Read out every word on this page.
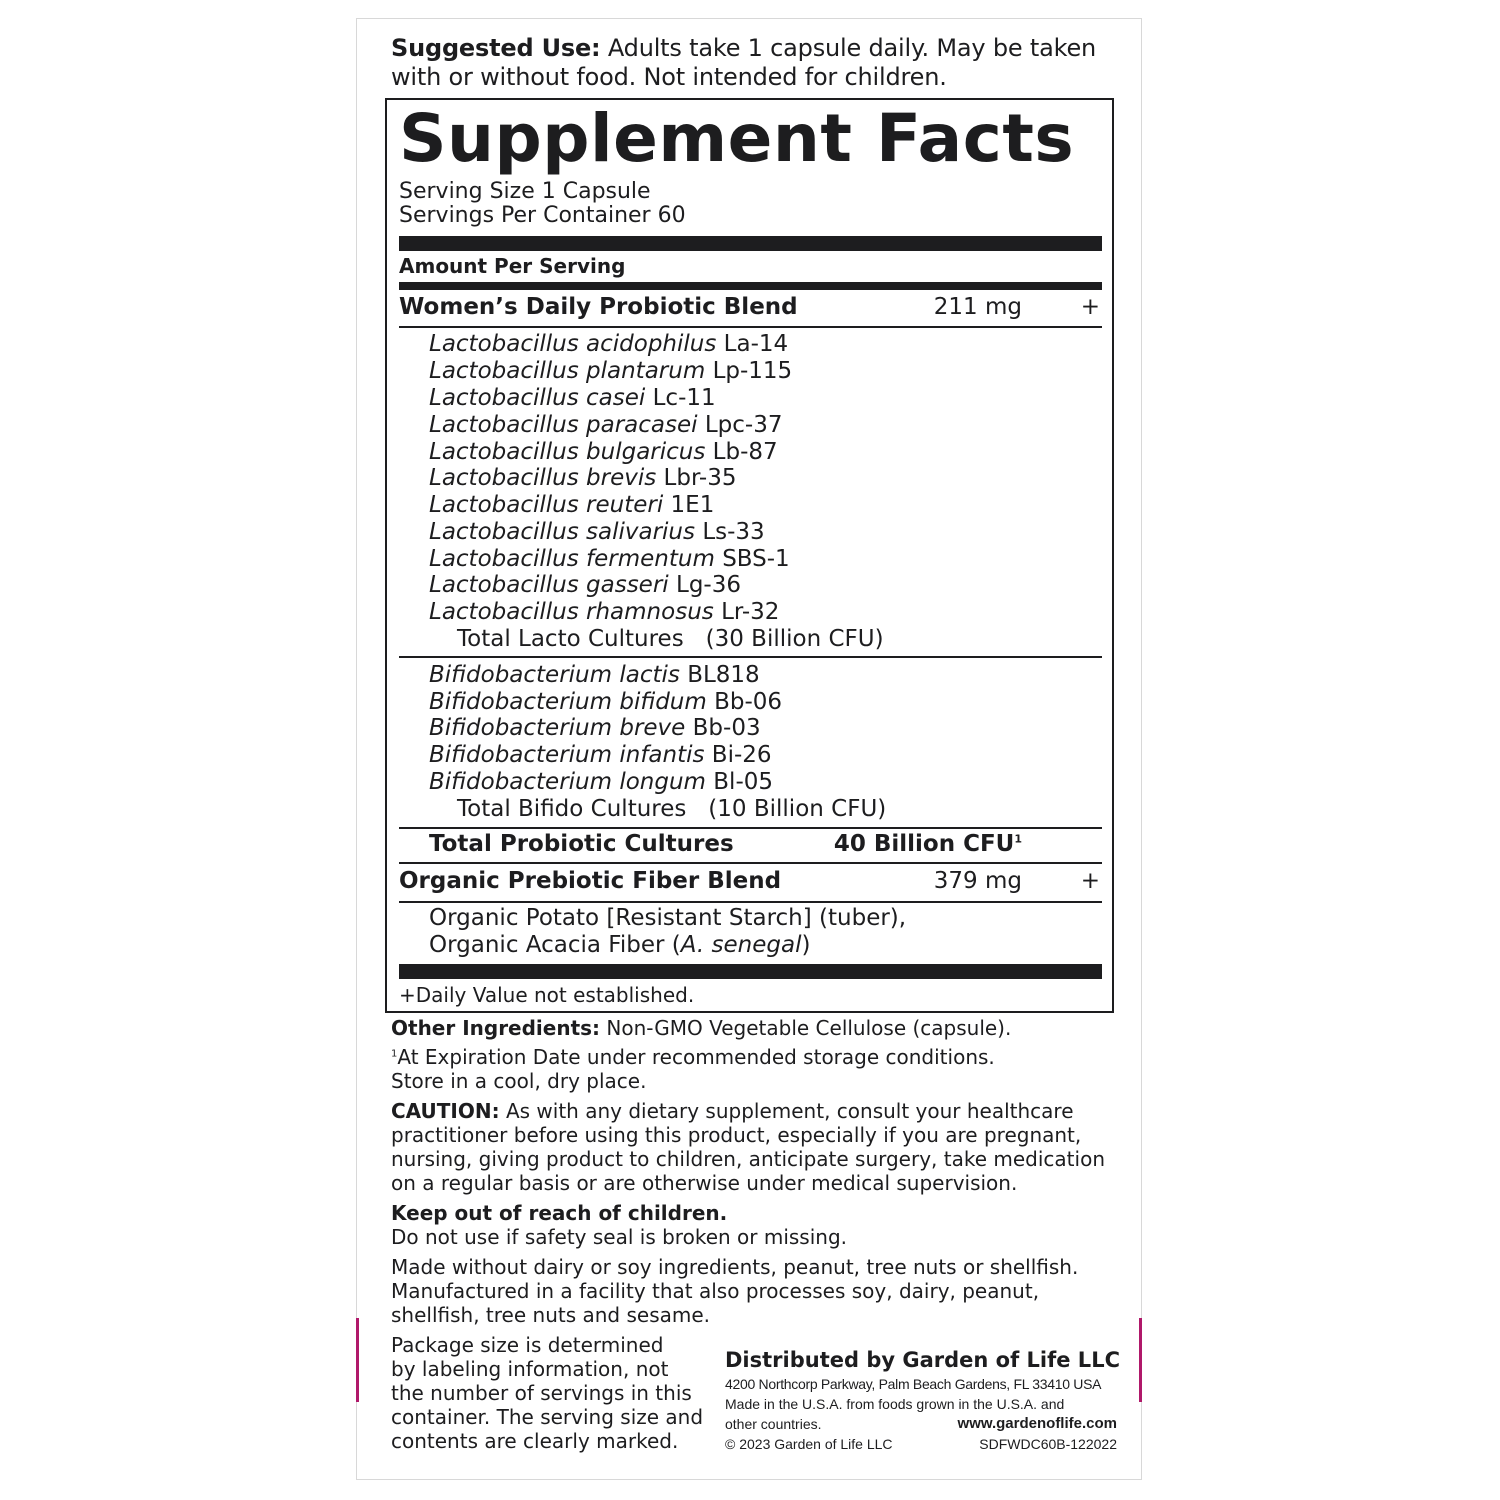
Suggested Use: Adults take 1 capsule daily. May be taken
with or without food. Not intended for children.
Supplement Facts
Serving Size 1 Capsule
Servings Per Container 60
Amount Per Serving
Women’s Daily Probiotic Blend	211 mg	+
Lactobacillus acidophilus La-14
Lactobacillus plantarum Lp-115
Lactobacillus casei Lc-11
Lactobacillus paracasei Lpc-37
Lactobacillus bulgaricus Lb-87
Lactobacillus brevis Lbr-35
Lactobacillus reuteri 1E1
Lactobacillus salivarius Ls-33
Lactobacillus fermentum SBS-1
Lactobacillus gasseri Lg-36
Lactobacillus rhamnosus Lr-32
Total Lacto Cultures   (30 Billion CFU)
Bifidobacterium lactis BL818
Bifidobacterium bifidum Bb-06
Bifidobacterium breve Bb-03
Bifidobacterium infantis Bi-26
Bifidobacterium longum Bl-05
Total Bifido Cultures   (10 Billion CFU)
Total Probiotic Cultures	40 Billion CFU$^1$
Organic Prebiotic Fiber Blend	379 mg	+
Organic Potato [Resistant Starch] (tuber),
Organic Acacia Fiber (A. senegal)
+Daily Value not established.
Other Ingredients: Non-GMO Vegetable Cellulose (capsule).
$^1$At Expiration Date under recommended storage conditions.
Store in a cool, dry place.
CAUTION: As with any dietary supplement, consult your healthcare
practitioner before using this product, especially if you are pregnant,
nursing, giving product to children, anticipate surgery, take medication
on a regular basis or are otherwise under medical supervision.
Keep out of reach of children.
Do not use if safety seal is broken or missing.
Made without dairy or soy ingredients, peanut, tree nuts or shellfish.
Manufactured in a facility that also processes soy, dairy, peanut,
shellfish, tree nuts and sesame.
Package size is determined
by labeling information, not
the number of servings in this
container. The serving size and
contents are clearly marked.
Distributed by Garden of Life LLC
4200 Northcorp Parkway, Palm Beach Gardens, FL 33410 USA
Made in the U.S.A. from foods grown in the U.S.A. and
other countries.	www.gardenoflife.com
© 2023 Garden of Life LLC	SDFWDC60B-122022
